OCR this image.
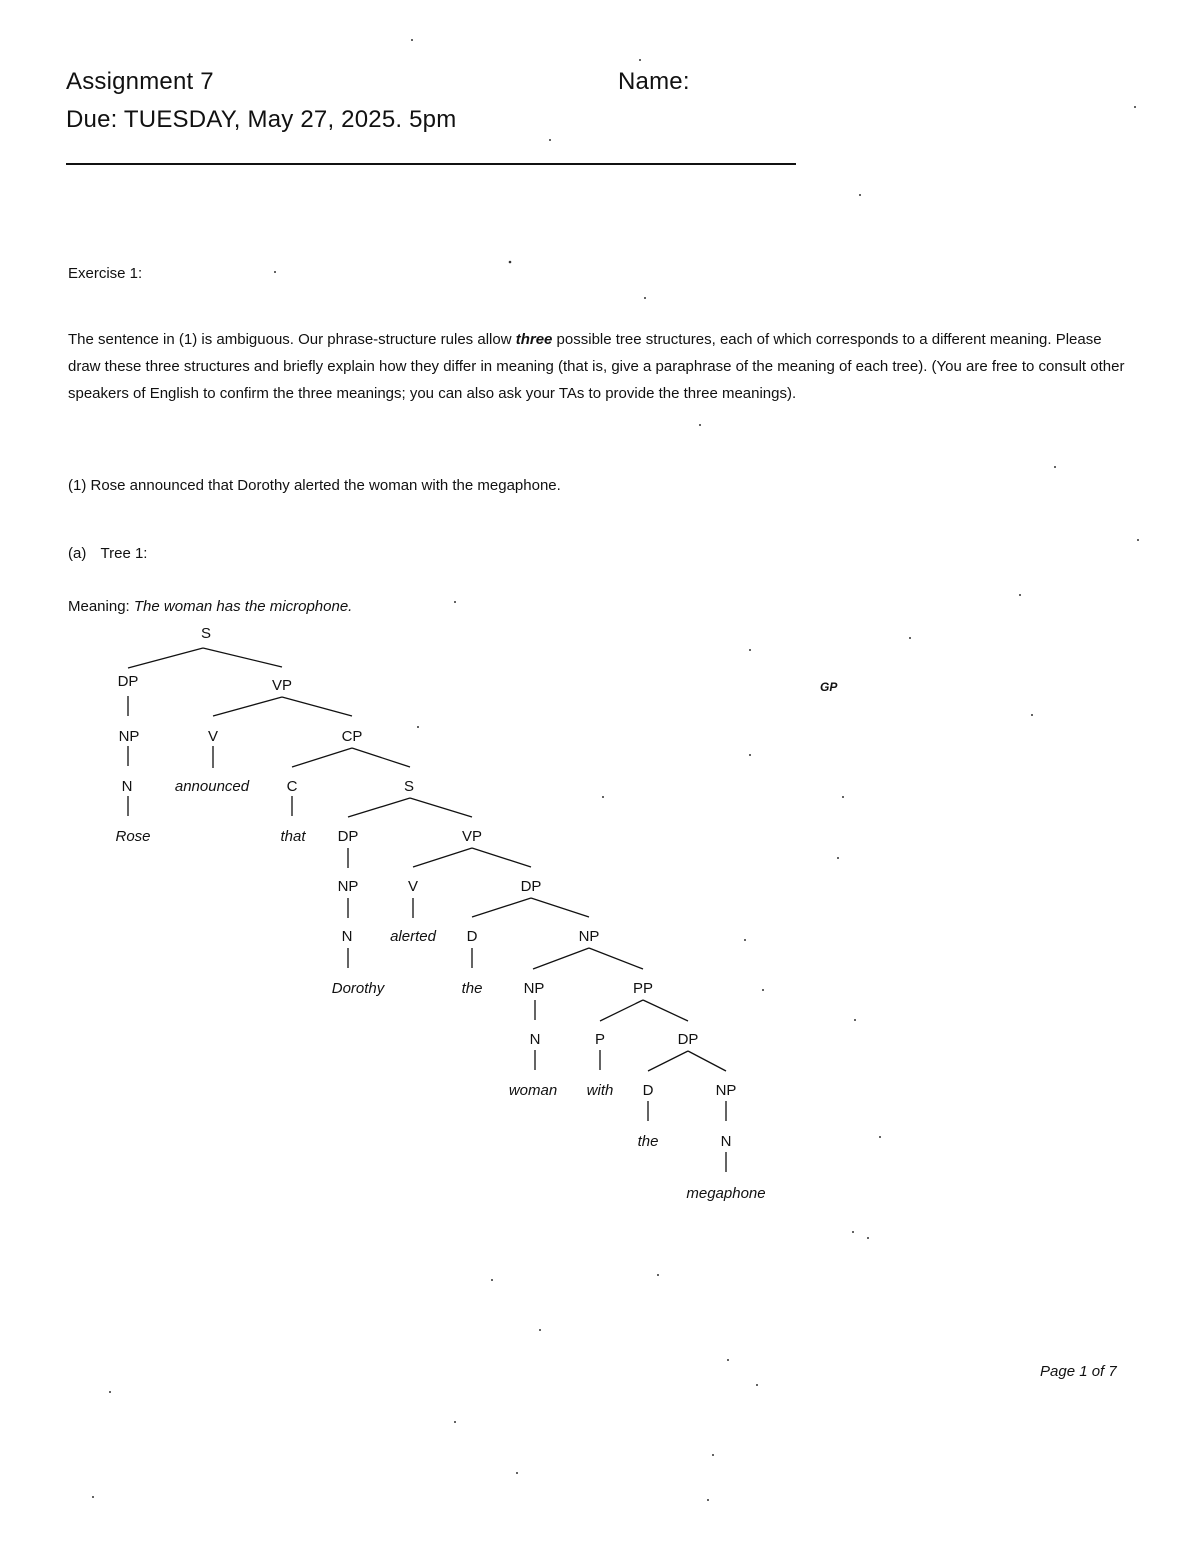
Assignment 7
Due: TUESDAY, May 27, 2025. 5pm
Name:
Exercise 1:
The sentence in (1) is ambiguous. Our phrase-structure rules allow three possible tree structures, each of which corresponds to a different meaning. Please draw these three structures and briefly explain how they differ in meaning (that is, give a paraphrase of the meaning of each tree). (You are free to consult other speakers of English to confirm the three meanings; you can also ask your TAs to provide the three meanings).
(1) Rose announced that Dorothy alerted the woman with the megaphone.
(a) Tree 1:
Meaning: The woman has the microphone.
S
DP
NP
N
Rose
VP
V
announced
CP
C
that
S
DP
NP
N
Dorothy
VP
V
alerted
DP
D
the
NP
NP
N
woman
PP
P
with
DP
D
the
NP
N
megaphone
GP
Page 1 of 7
